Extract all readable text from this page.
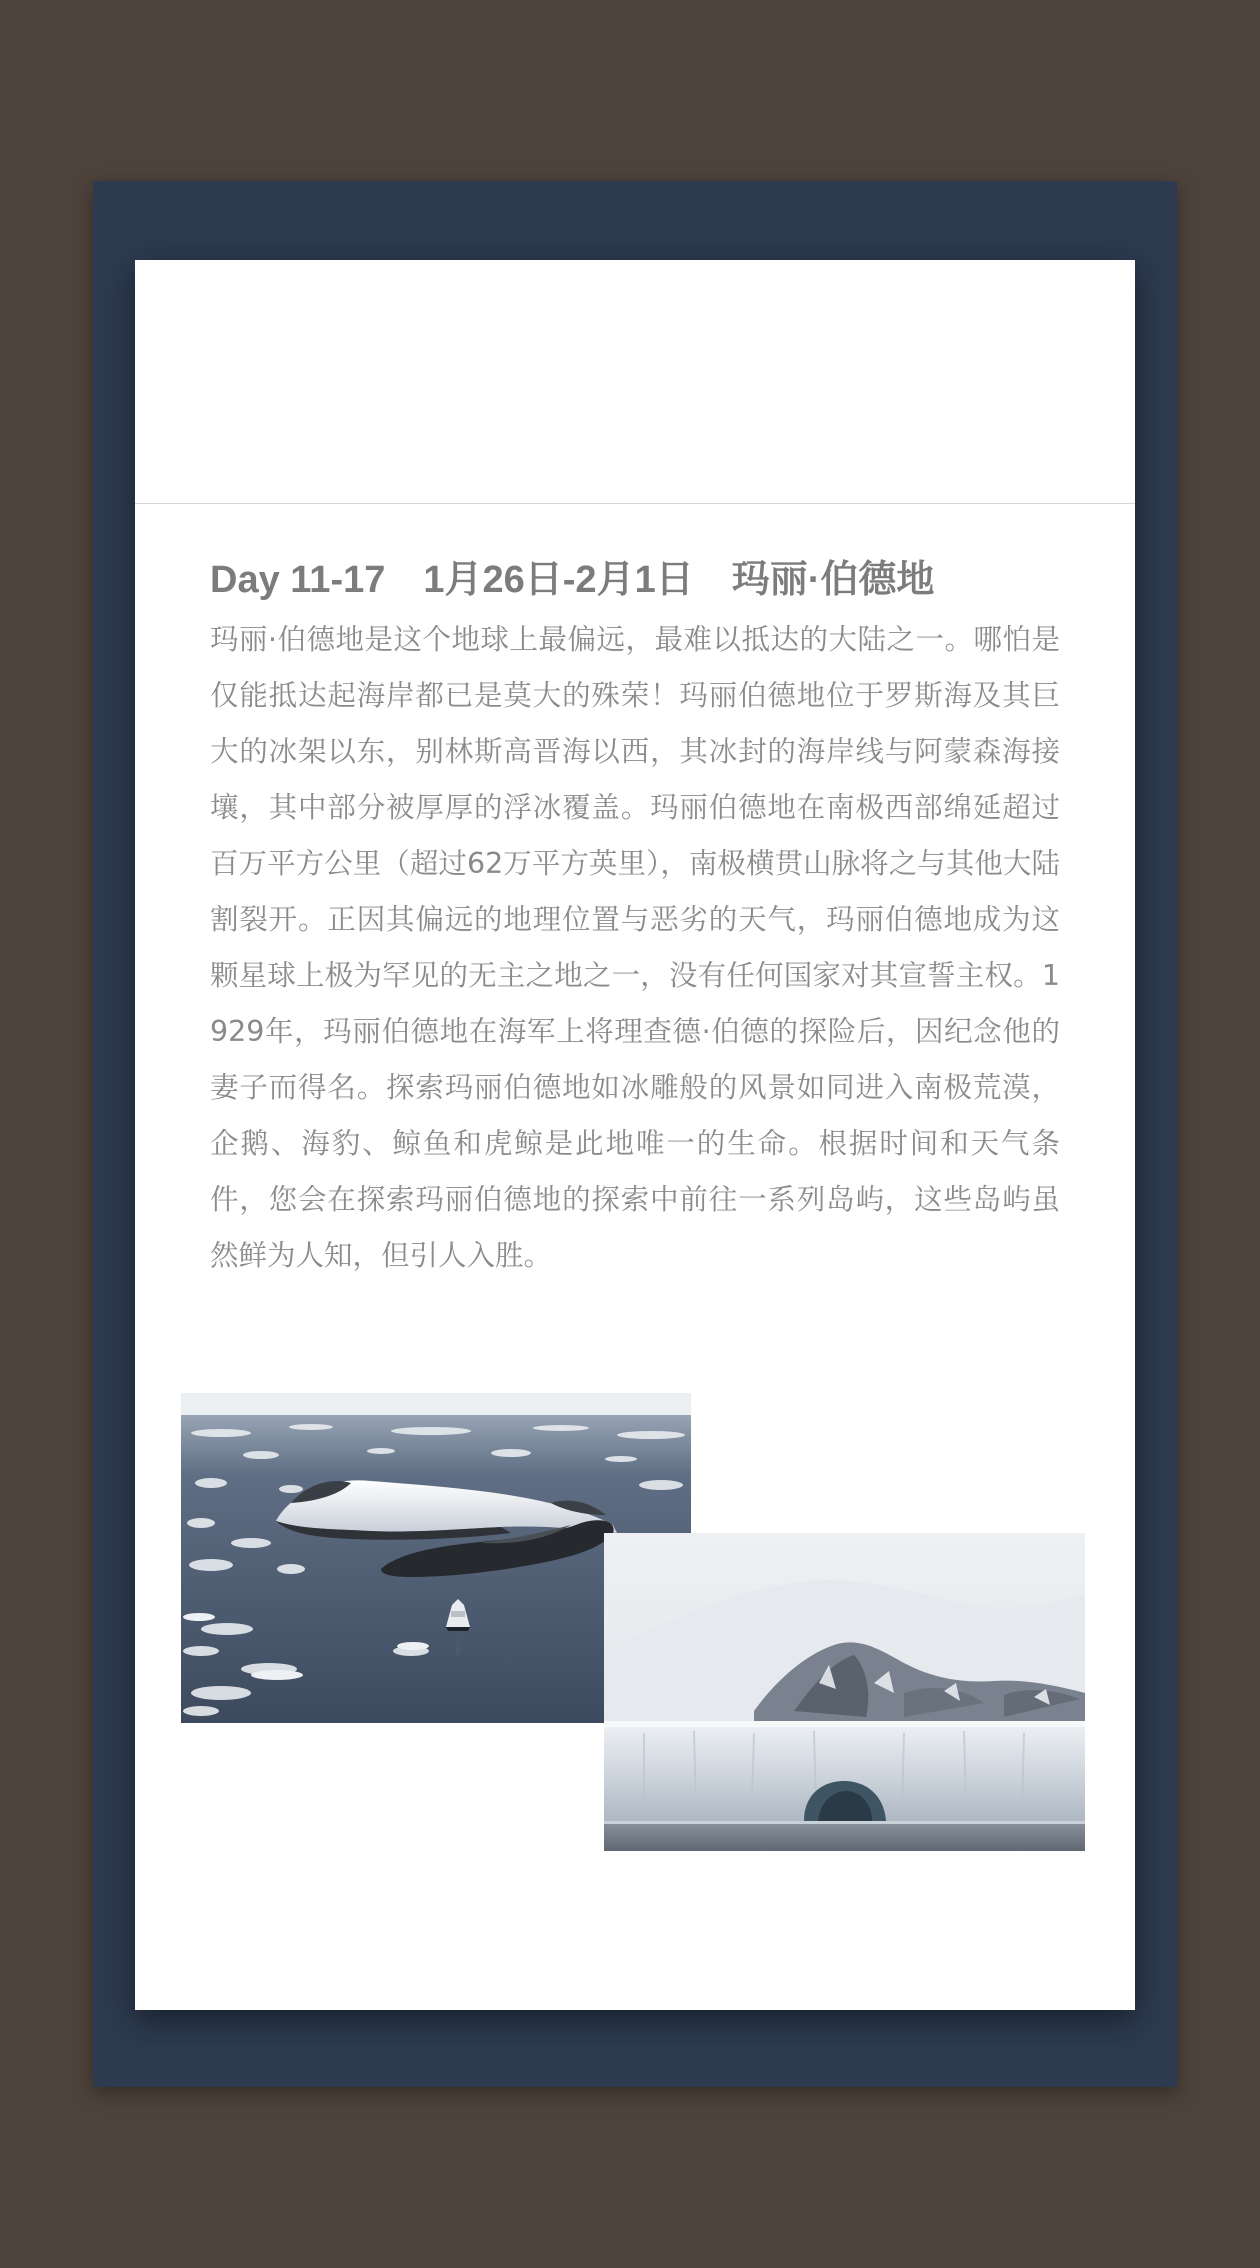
Day 11-17 1月26日-2月1日 玛丽·伯德地

玛丽·伯德地是这个地球上最偏远，最难以抵达的大陆之一。哪怕是仅能抵达起海岸都已是莫大的殊荣！玛丽伯德地位于罗斯海及其巨大的冰架以东，别林斯高晋海以西，其冰封的海岸线与阿蒙森海接壤，其中部分被厚厚的浮冰覆盖。玛丽伯德地在南极西部绵延超过百万平方公里（超过62万平方英里），南极横贯山脉将之与其他大陆割裂开。正因其偏远的地理位置与恶劣的天气，玛丽伯德地成为这颗星球上极为罕见的无主之地之一，没有任何国家对其宣誓主权。1929年，玛丽伯德地在海军上将理查德·伯德的探险后，因纪念他的妻子而得名。探索玛丽伯德地如冰雕般的风景如同进入南极荒漠，企鹅、海豹、鲸鱼和虎鲸是此地唯一的生命。根据时间和天气条件，您会在探索玛丽伯德地的探索中前往一系列岛屿，这些岛屿虽然鲜为人知，但引人入胜。
